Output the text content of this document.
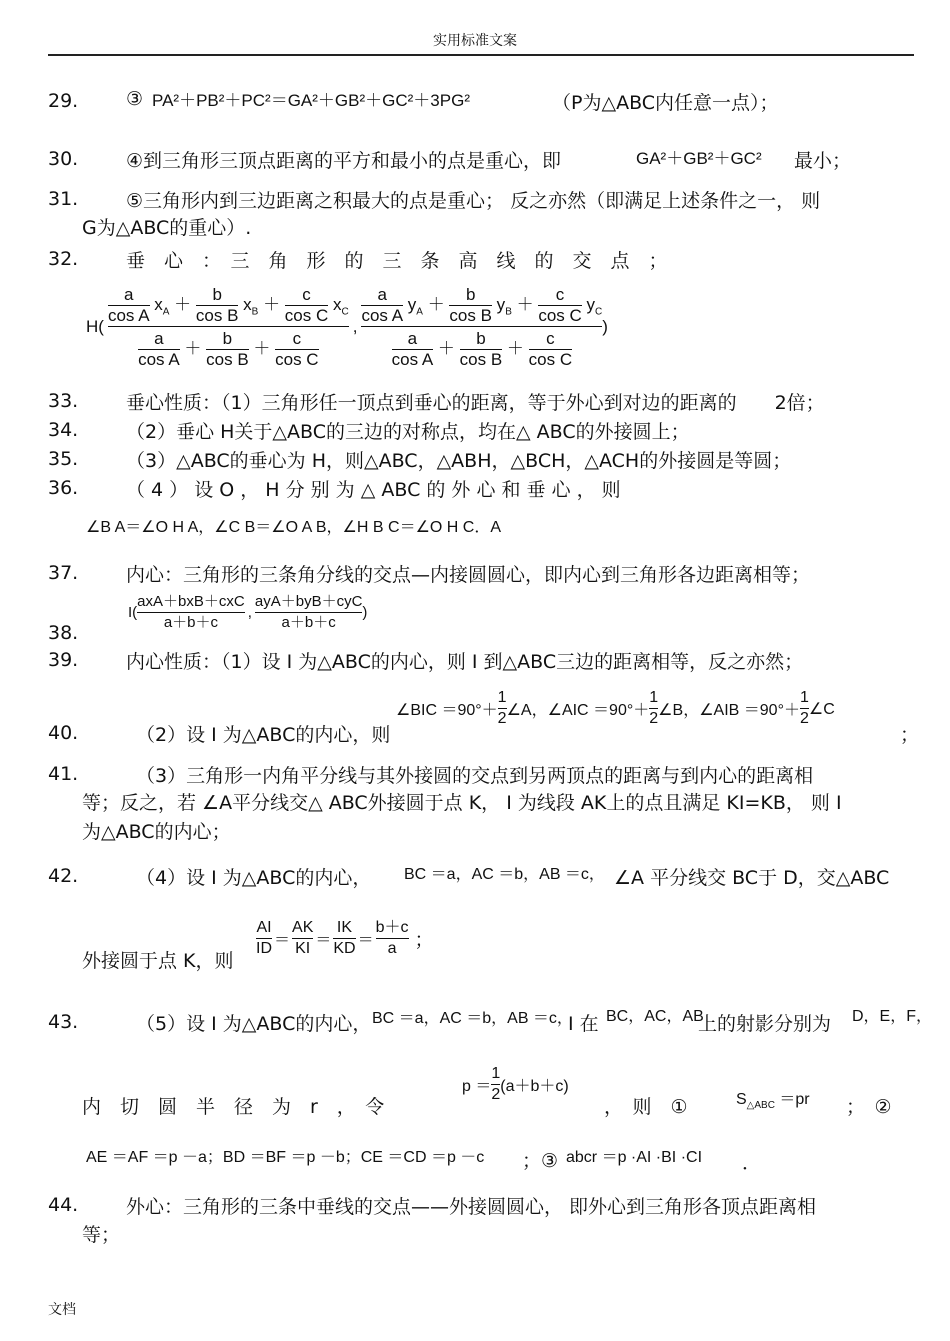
实用标准文案
29.	③ PA²＋PB²＋PC²＝GA²＋GB²＋GC²＋3PG²	（P为△ABC内任意一点）；
30.	④到三角形三顶点距离的平方和最小的点是重心，即	GA²＋GB²＋GC² 最小；
31.	⑤三角形内到三边距离之积最大的点是重心； 反之亦然（即满足上述条件之一， 则
G为△ABC的重心）.
32.	垂　心　：　三　角　形　的　三　条　高　线　的　交　点　；
H ( $\frac{\frac{a}{\text{cos A}} x_A + \frac{b}{\text{cos B}} x_B + \frac{c}{\text{cos C}} x_C}{\frac{a}{\text{cos A}} + \frac{b}{\text{cos B}} + \frac{c}{\text{cos C}}}$ , $\frac{\frac{a}{\text{cos A}} y_A + \frac{b}{\text{cos B}} y_B + \frac{c}{\text{cos C}} y_C}{\frac{a}{\text{cos A}} + \frac{b}{\text{cos B}} + \frac{c}{\text{cos C}}}$ )
33.	垂心性质：（1）三角形任一顶点到垂心的距离，等于外心到对边的距离的　　2倍；
34.	（2）垂心 H关于△ABC的三边的对称点，均在△ ABC的外接圆上；
35.	（3）△ABC的垂心为 H，则△ABC，△ABH，△BCH，△ACH的外接圆是等圆；
36.	（ 4 ） 设 O ， H 分 别 为 △ ABC 的 外 心 和 垂 心 ， 则
∠B A＝∠O H A，∠C B＝∠O A B，∠H B C＝∠O H C．A
37.	内心：三角形的三条角分线的交点—内接圆圆心，即内心到三角形各边距离相等；
38.
I ( $\frac{\text{axA＋bxB＋cxC}}{a+b+c}$ , $\frac{\text{ayA＋byB＋cyC}}{a+b+c}$ )
39.	内心性质：（1）设 I 为△ABC的内心，则 I 到△ABC三边的距离相等，反之亦然；
40.	（2）设 I 为△ABC的内心，则
∠BIC $=90^\circ+ \frac{1}{2}$ ∠A，∠AIC $=90^\circ+ \frac{1}{2}$ ∠B，∠AIB $=90^\circ+ \frac{1}{2}$ ∠C
；
41.	（3）三角形一内角平分线与其外接圆的交点到另两顶点的距离与到内心的距离相
等；反之，若 ∠A平分线交△ ABC外接圆于点 K， I 为线段 AK上的点且满足 KI=KB， 则 I
为△ABC的内心；
42.	（4）设 I 为△ABC的内心， BC ＝a，AC ＝b，AB ＝c， ∠A 平分线交 BC于 D，交△ABC
外接圆于点 K，则
$\frac{AI}{ID} = \frac{AK}{KI} = \frac{IK}{KD} = \frac{b+c}{a}$ ；
43.	（5）设 I 为△ABC的内心， BC ＝a，AC ＝b，AB ＝c，
I 在 BC，AC，AB
上的射影分别为 D，E，F，
内　切　圆　半　径　为　r　，　令
$p = \frac{1}{2} (a+b+c)$
，　则　①	$S_{\triangle ABC} =pr$ ；　②
AE ＝AF ＝p －a；BD ＝BF ＝p －b；CE ＝CD ＝p －c ；③ abcr ＝p ·AI ·BI ·CI ．
44.	外心：三角形的三条中垂线的交点——外接圆圆心， 即外心到三角形各顶点距离相
等；
文档
